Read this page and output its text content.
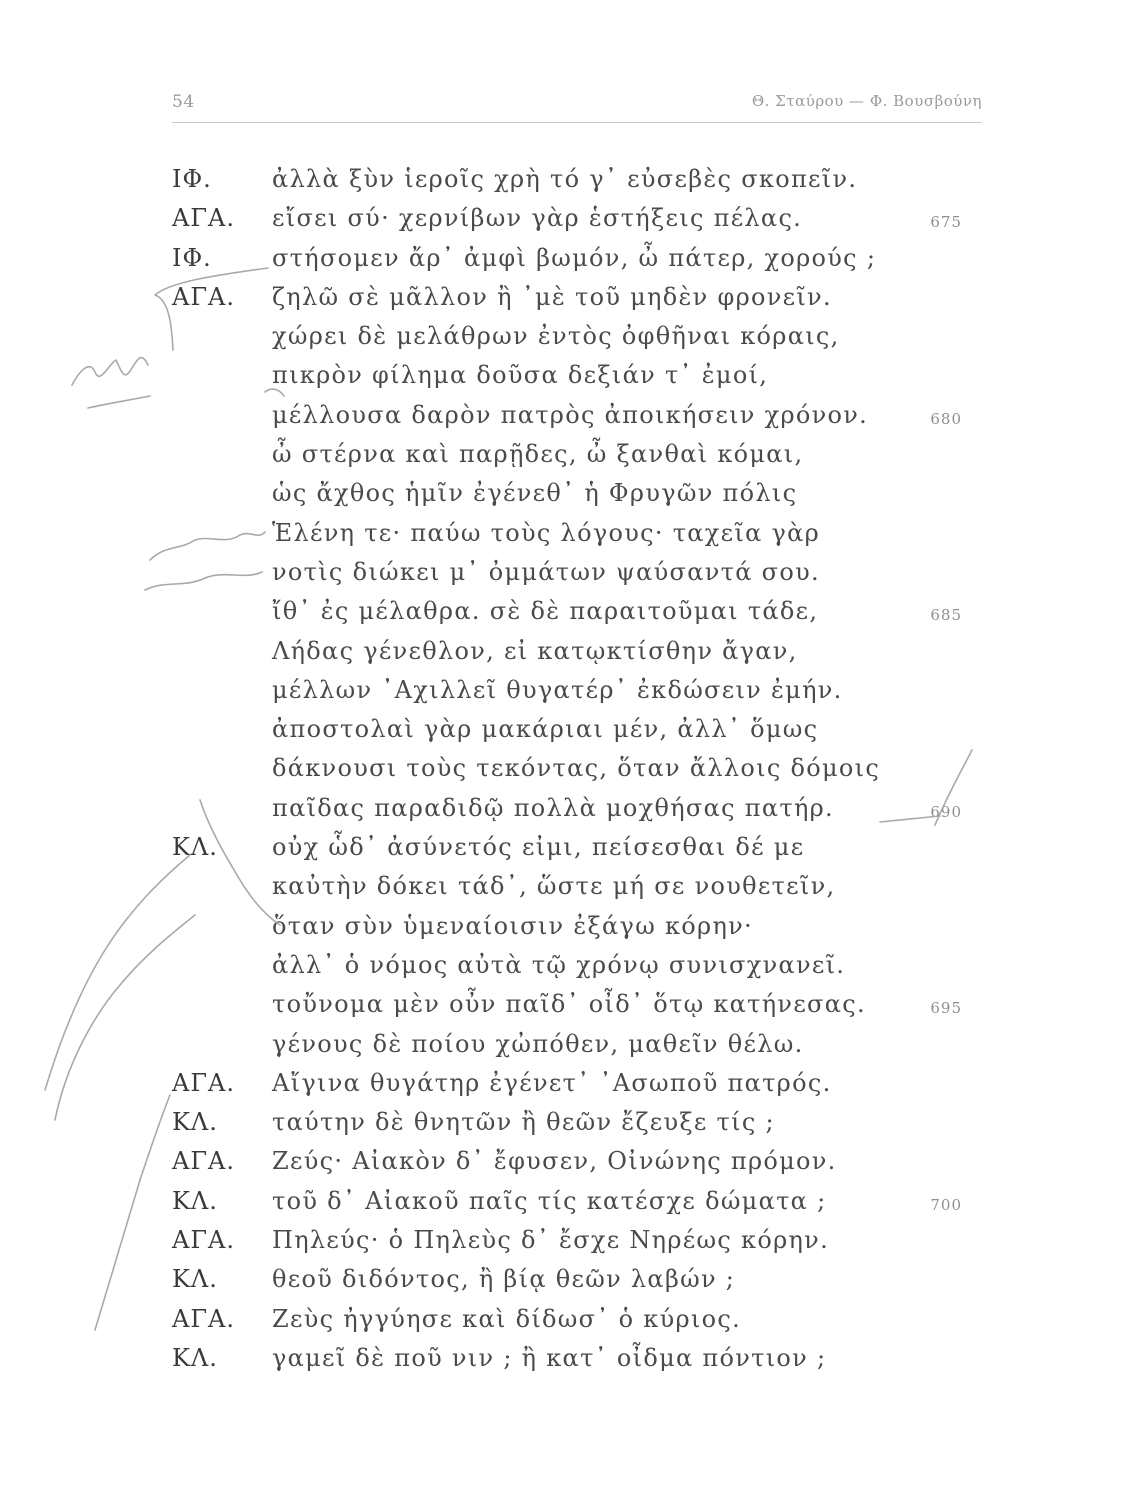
54	Θ. Σταύρου — Φ. Βουσβούνη
ΙΦ.	ἀλλὰ ξὺν ἱεροῖς χρὴ τό γ᾽ εὐσεβὲς σκοπεῖν.
ΑΓΑ. εἴσει σύ· χερνίβων γὰρ ἑστήξεις πέλας.	675
ΙΦ.	στήσομεν ἄρ᾽ ἀμφὶ βωμόν, ὦ πάτερ, χορούς ;
ΑΓΑ. ζηλῶ σὲ μᾶλλον ἢ ᾽μὲ τοῦ μηδὲν φρονεῖν.
χώρει δὲ μελάθρων ἐντὸς ὀφθῆναι κόραις,
πικρὸν φίλημα δοῦσα δεξιάν τ᾽ ἐμοί,
μέλλουσα δαρὸν πατρὸς ἀποικήσειν χρόνον.	680
ὦ στέρνα καὶ παρῇδες, ὦ ξανθαὶ κόμαι,
ὡς ἄχθος ἡμῖν ἐγένεθ᾽ ἡ Φρυγῶν πόλις
Ἑλένη τε· παύω τοὺς λόγους· ταχεῖα γὰρ
νοτὶς διώκει μ᾽ ὀμμάτων ψαύσαντά σου.
ἴθ᾽ ἐς μέλαθρα. σὲ δὲ παραιτοῦμαι τάδε,	685
Λήδας γένεθλον, εἰ κατῳκτίσθην ἄγαν,
μέλλων ᾽Αχιλλεῖ θυγατέρ᾽ ἐκδώσειν ἐμήν.
ἀποστολαὶ γὰρ μακάριαι μέν, ἀλλ᾽ ὅμως
δάκνουσι τοὺς τεκόντας, ὅταν ἄλλοις δόμοις
παῖδας παραδιδῷ πολλὰ μοχθήσας πατήρ.	690
ΚΛ. οὐχ ὧδ᾽ ἀσύνετός εἰμι, πείσεσθαι δέ με
καὐτὴν δόκει τάδ᾽, ὥστε μή σε νουθετεῖν,
ὅταν σὺν ὑμεναίοισιν ἐξάγω κόρην·
ἀλλ᾽ ὁ νόμος αὐτὰ τῷ χρόνῳ συνισχνανεῖ.
τοὔνομα μὲν οὖν παῖδ᾽ οἶδ᾽ ὅτῳ κατήνεσας.	695
γένους δὲ ποίου χὠπόθεν, μαθεῖν θέλω.
ΑΓΑ. Αἴγινα θυγάτηρ ἐγένετ᾽ ᾽Ασωποῦ πατρός.
ΚΛ. ταύτην δὲ θνητῶν ἢ θεῶν ἔζευξε τίς ;
ΑΓΑ. Ζεύς· Αἰακὸν δ᾽ ἔφυσεν, Οἰνώνης πρόμον.
ΚΛ. τοῦ δ᾽ Αἰακοῦ παῖς τίς κατέσχε δώματα ;	700
ΑΓΑ. Πηλεύς· ὁ Πηλεὺς δ᾽ ἔσχε Νηρέως κόρην.
ΚΛ. θεοῦ διδόντος, ἢ βίᾳ θεῶν λαβών ;
ΑΓΑ. Ζεὺς ἠγγύησε καὶ δίδωσ᾽ ὁ κύριος.
ΚΛ. γαμεῖ δὲ ποῦ νιν ; ἢ κατ᾽ οἶδμα πόντιον ;
